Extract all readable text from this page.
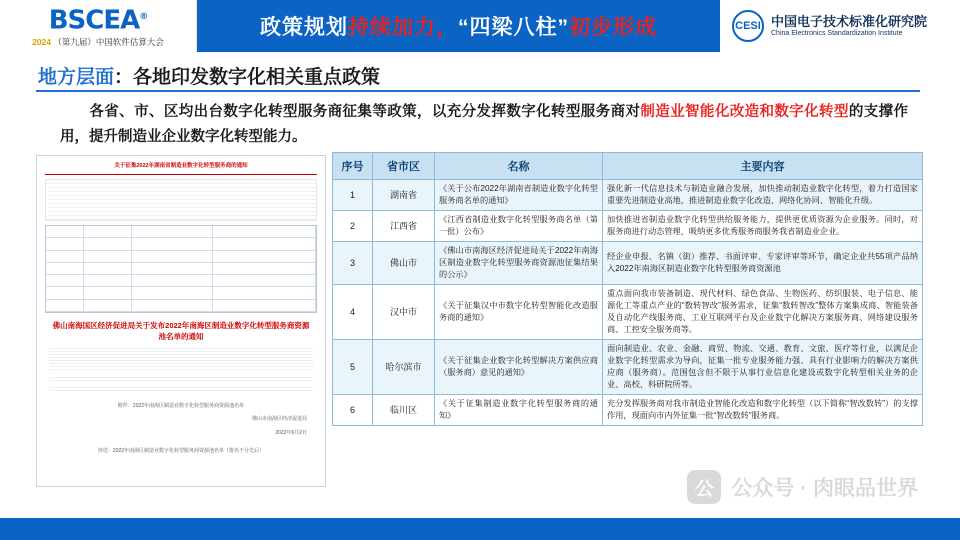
BSCEA®
2024 （第九届）中国软件估算大会
政策规划 持续加力， “四梁八柱” 初步形成	CESI 中国电子技术标准化研究院
China Electronics Standardization Institute
地方层面：各地印发数字化相关重点政策
各省、市、区均出台数字化转型服务商征集等政策，以充分发挥数字化转型服务商对制造业智能化改造和数字化转型的支撑作用，提升制造业企业数字化转型能力。
关于征集2022年湖南省制造业数字化转型服务商的通知
佛山南海国区经济促进局关于发布2022年南海区制造业数字化转型服务商资源池名单的通知
附件：2022年南海区制造业数字化转型服务商资源池名单
佛山市南海区经济促进局
2022年6月2日
抄送：2022年南海区制造业数字化转型服务商资源池名单（排名不分先后）
序号	省市区	名称	主要内容
1	湖南省	《关于公布2022年湖南省制造业数字化转型服务商名单的通知》	强化新一代信息技术与制造业融合发展，加快推动制造业数字化转型，着力打造国家重要先进制造业高地，推进制造业数字化改造、网络化协同、智能化升级。
2	江西省	《江西省制造业数字化转型服务商名单（第一批）公布》	加快推进省制造业数字化转型供给服务能力，提供更优质资源为企业服务。同时，对服务商进行动态管理，吸纳更多优秀服务商服务我省制造业企业。
3	佛山市	《佛山市南海区经济促进局关于2022年南海区制造业数字化转型服务商资源池征集结果的公示》	经企业申报、名镇（街）推荐、书面评审、专家评审等环节，确定企业共55项产品纳入2022年南海区制造业数字化转型服务商资源池
4	汉中市	《关于征集汉中市数字化转型智能化改造服务商的通知》	重点面向我市装备制造、现代材料、绿色食品、生物医药、纺织服装、电子信息、能源化工等重点产业的“数转智改”服务需求，征集“数转智改”整体方案集成商、智能装备及自动化产线服务商、工业互联网平台及企业数字化解决方案服务商、网络建设服务商、工控安全服务商等。
5	哈尔滨市	《关于征集企业数字化转型解决方案供应商（服务商）意见的通知》	面向制造业、农业、金融、商贸、物流、交通、教育、文旅、医疗等行业，以满足企业数字化转型需求为导向，征集一批专业服务能力强、具有行业影响力的解决方案供应商（服务商）。范围包含但不限于从事行业信息化建设或数字化转型相关业务的企业、高校、科研院所等。
6	临川区	《关于征集制造业数字化转型服务商的通知》	充分发挥服务商对我市制造业智能化改造和数字化转型（以下简称“智改数转”）的支撑作用，现面向市内外征集一批“智改数转”服务商。
公 公众号 · 肉眼品世界
